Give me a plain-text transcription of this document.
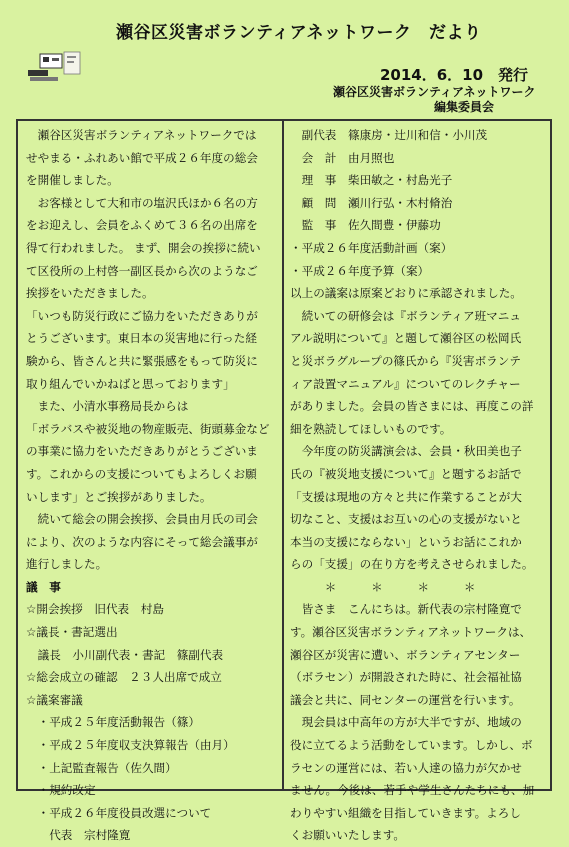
瀬谷区災害ボランティアネットワーク　だより
2014．6．10　発行
瀬谷区災害ボランティアネットワーク
編集委員会
　瀬谷区災害ボランティアネットワークでは
せやまる・ふれあい館で平成２６年度の総会
を開催しました。
　お客様として大和市の塩沢氏ほか６名の方
をお迎えし、会員をふくめて３６名の出席を
得て行われました。 まず、開会の挨拶に続い
て区役所の上村啓一副区長から次のようなご
挨拶をいただきました。
「いつも防災行政にご協力をいただきありが
とうございます。東日本の災害地に行った経
験から、皆さんと共に緊張感をもって防災に
取り組んでいかねばと思っております」
　また、小清水事務局長からは
「ボラバスや被災地の物産販売、街頭募金など
の事業に協力をいただきありがとうございま
す。これからの支援についてもよろしくお願
いします」とご挨拶がありました。
　続いて総会の開会挨拶、会員由月氏の司会
により、次のような内容にそって総会議事が
進行しました。
議　事
☆開会挨拶　旧代表　村島
☆議長・書記選出
　議長　小川副代表・書記　篠副代表
☆総会成立の確認　２３人出席で成立
☆議案審議
　・平成２５年度活動報告（篠）
　・平成２５年度収支決算報告（由月）
　・上記監査報告（佐久間）
　・規約改定
　・平成２６年度役員改選について
　　代表　宗村隆寛
　副代表　篠康房・辻川和信・小川茂
　会　計　由月照也
　理　事　柴田敏之・村島光子
　顧　問　瀬川行弘・木村脩治
　監　事　佐久間豊・伊藤功
・平成２６年度活動計画（案）
・平成２６年度予算（案）
以上の議案は原案どおりに承認されました。
　続いての研修会は『ボランティア班マニュ
アル説明について』と題して瀬谷区の松岡氏
と災ボラグループの篠氏から『災害ボランテ
ィア設置マニュアル』についてのレクチャー
がありました。会員の皆さまには、再度この詳
細を熟読してほしいものです。
　今年度の防災講演会は、会員・秋田美也子
氏の『被災地支援について』と題するお話で
「支援は現地の方々と共に作業することが大
切なこと、支援はお互いの心の支援がないと
本当の支援にならない」というお話にこれか
らの「支援」の在り方を考えさせられました。
　　　＊　　　＊　　　＊　　　＊
　皆さま　こんにちは。新代表の宗村隆寛で
す。瀬谷区災害ボランティアネットワークは、
瀬谷区が災害に遭い、ボランティアセンター
（ボラセン）が開設された時に、社会福祉協
議会と共に、同センターの運営を行います。
　現会員は中高年の方が大半ですが、地域の
役に立てるよう活動をしています。しかし、ボ
ラセンの運営には、若い人達の協力が欠かせ
ません。今後は、若手や学生さんたちにも、加
わりやすい組織を目指していきます。よろし
くお願いいたします。
